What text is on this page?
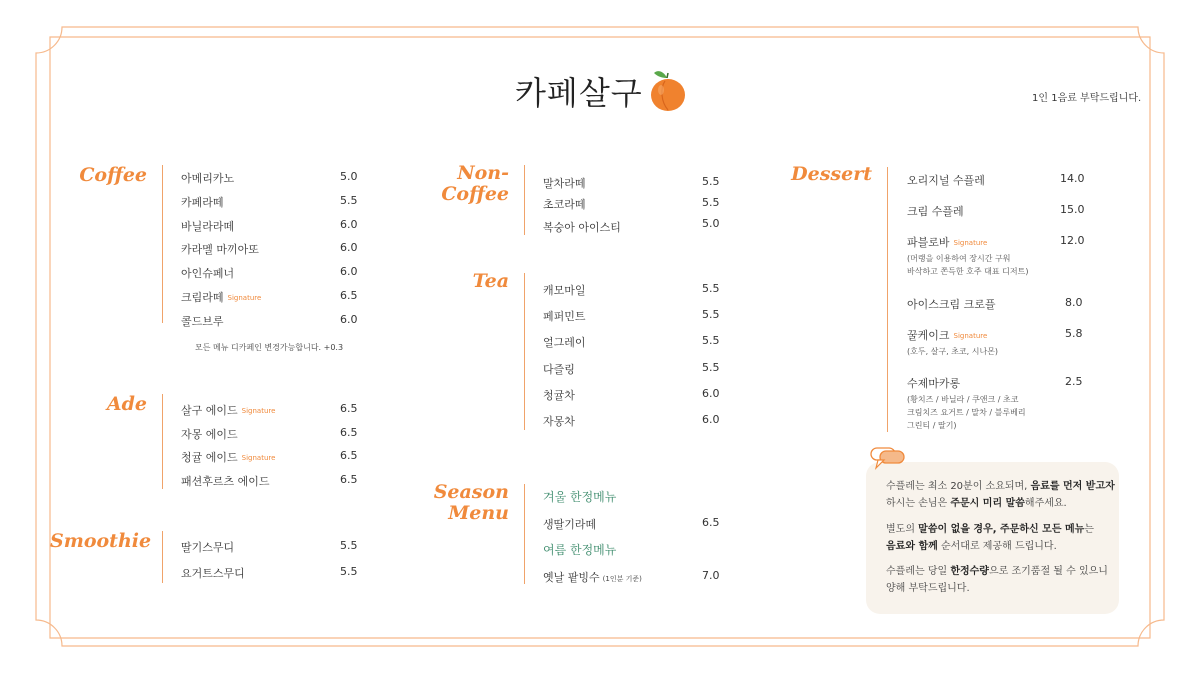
카페살구	1인 1음료 부탁드립니다.
Coffee	아메리카노	5.0
카페라떼	5.5
바닐라라떼	6.0
카라멜 마끼아또	6.0
아인슈페너	6.0
크림라떼 Signature	6.5
콜드브루	6.0
모든 메뉴 디카페인 변경가능합니다. +0.3
Ade	살구 에이드 Signature	6.5
자몽 에이드	6.5
청귤 에이드 Signature	6.5
패션후르츠 에이드	6.5
Smoothie	딸기스무디	5.5
요거트스무디	5.5
Non-
Coffee	말차라떼	5.5
초코라떼	5.5
복숭아 아이스티	5.0
Tea	캐모마일	5.5
페퍼민트	5.5
얼그레이	5.5
다즐링	5.5
청귤차	6.0
자몽차	6.0
Season
Menu
겨울 한정메뉴
생딸기라떼	6.5
여름 한정메뉴
옛날 팥빙수 (1인분 기준)	7.0
Dessert	오리지널 수플레	14.0
크림 수플레	15.0
파블로바 Signature	12.0
(머랭을 이용하여 장시간 구워
바삭하고 쫀득한 호주 대표 디저트)
아이스크림 크로플	8.0
꿀케이크 Signature	5.8
(호두, 살구, 초코, 시나몬)
수제마카롱	2.5
(황치즈 / 바닐라 / 쿠앤크 / 초코
크림치즈 요거트 / 말차 / 블루베리
그린티 / 딸기)
수플레는 최소 20분이 소요되며, 음료를 먼저 받고자
하시는 손님은 주문시 미리 말씀해주세요.
별도의 말씀이 없을 경우, 주문하신 모든 메뉴는
음료와 함께 순서대로 제공해 드립니다.
수플레는 당일 한정수량으로 조기품절 될 수 있으니
양해 부탁드립니다.
